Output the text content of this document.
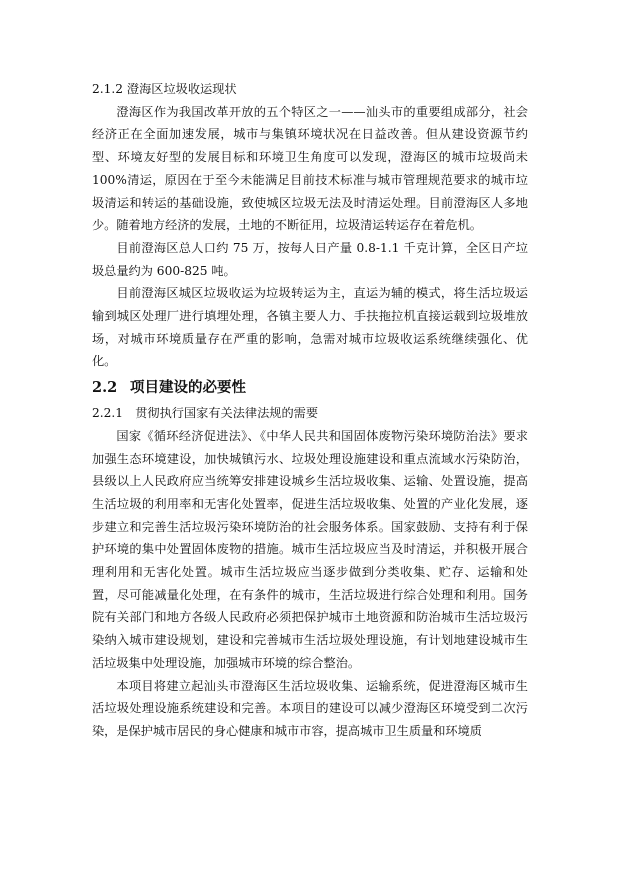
2.1.2 澄海区垃圾收运现状

澄海区作为我国改革开放的五个特区之一——汕头市的重要组成部分，社会经济正在全面加速发展，城市与集镇环境状况在日益改善。但从建设资源节约型、环境友好型的发展目标和环境卫生角度可以发现，澄海区的城市垃圾尚未100%清运，原因在于至今未能满足目前技术标准与城市管理规范要求的城市垃圾清运和转运的基础设施，致使城区垃圾无法及时清运处理。目前澄海区人多地少。随着地方经济的发展，土地的不断征用，垃圾清运转运存在着危机。

目前澄海区总人口约 75 万，按每人日产量 0.8-1.1 千克计算，全区日产垃圾总量约为 600-825 吨。

目前澄海区城区垃圾收运为垃圾转运为主，直运为辅的模式，将生活垃圾运输到城区处理厂进行填埋处理，各镇主要人力、手扶拖拉机直接运载到垃圾堆放场，对城市环境质量存在严重的影响，急需对城市垃圾收运系统继续强化、优化。

2.2 项目建设的必要性

2.2.1　贯彻执行国家有关法律法规的需要

国家《循环经济促进法》、《中华人民共和国固体废物污染环境防治法》要求加强生态环境建设，加快城镇污水、垃圾处理设施建设和重点流域水污染防治，县级以上人民政府应当统筹安排建设城乡生活垃圾收集、运输、处置设施，提高生活垃圾的利用率和无害化处置率，促进生活垃圾收集、处置的产业化发展，逐步建立和完善生活垃圾污染环境防治的社会服务体系。国家鼓励、支持有利于保护环境的集中处置固体废物的措施。城市生活垃圾应当及时清运，并积极开展合理利用和无害化处置。城市生活垃圾应当逐步做到分类收集、贮存、运输和处置，尽可能减量化处理，在有条件的城市，生活垃圾进行综合处理和利用。国务院有关部门和地方各级人民政府必须把保护城市土地资源和防治城市生活垃圾污染纳入城市建设规划，建设和完善城市生活垃圾处理设施，有计划地建设城市生活垃圾集中处理设施，加强城市环境的综合整治。

本项目将建立起汕头市澄海区生活垃圾收集、运输系统，促进澄海区城市生活垃圾处理设施系统建设和完善。本项目的建设可以减少澄海区环境受到二次污染，是保护城市居民的身心健康和城市市容，提高城市卫生质量和环境质
